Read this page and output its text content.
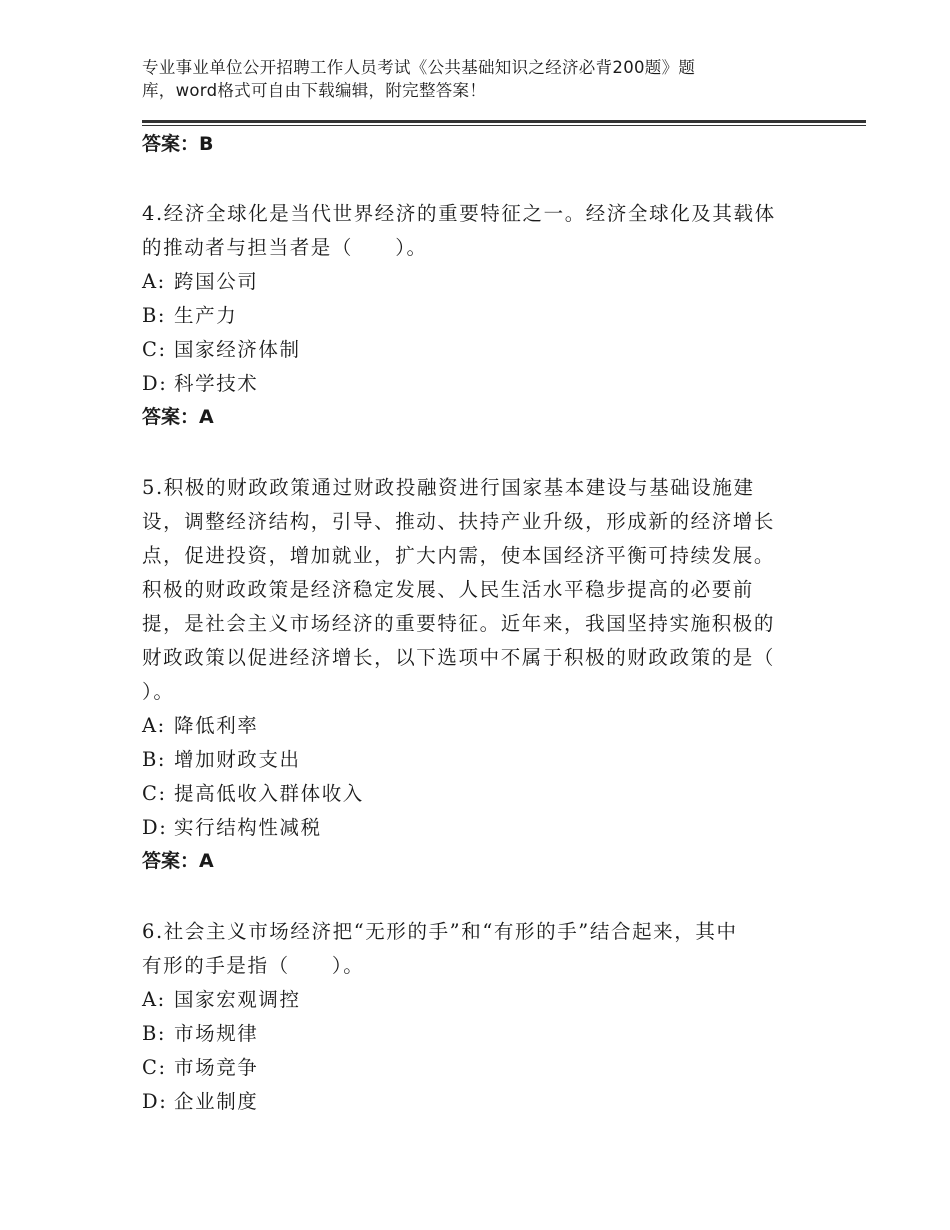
专业事业单位公开招聘工作人员考试《公共基础知识之经济必背200题》题
库，word格式可自由下载编辑，附完整答案！
答案：B
4.经济全球化是当代世界经济的重要特征之一。经济全球化及其载体
的推动者与担当者是（　　）。
A: 跨国公司
B: 生产力
C: 国家经济体制
D: 科学技术
答案：A
5.积极的财政政策通过财政投融资进行国家基本建设与基础设施建
设，调整经济结构，引导、推动、扶持产业升级，形成新的经济增长
点，促进投资，增加就业，扩大内需，使本国经济平衡可持续发展。
积极的财政政策是经济稳定发展、人民生活水平稳步提高的必要前
提，是社会主义市场经济的重要特征。近年来，我国坚持实施积极的
财政政策以促进经济增长，以下选项中不属于积极的财政政策的是（
）。
A: 降低利率
B: 增加财政支出
C: 提高低收入群体收入
D: 实行结构性减税
答案：A
6.社会主义市场经济把“无形的手”和“有形的手”结合起来，其中
有形的手是指（　　）。
A: 国家宏观调控
B: 市场规律
C: 市场竞争
D: 企业制度
